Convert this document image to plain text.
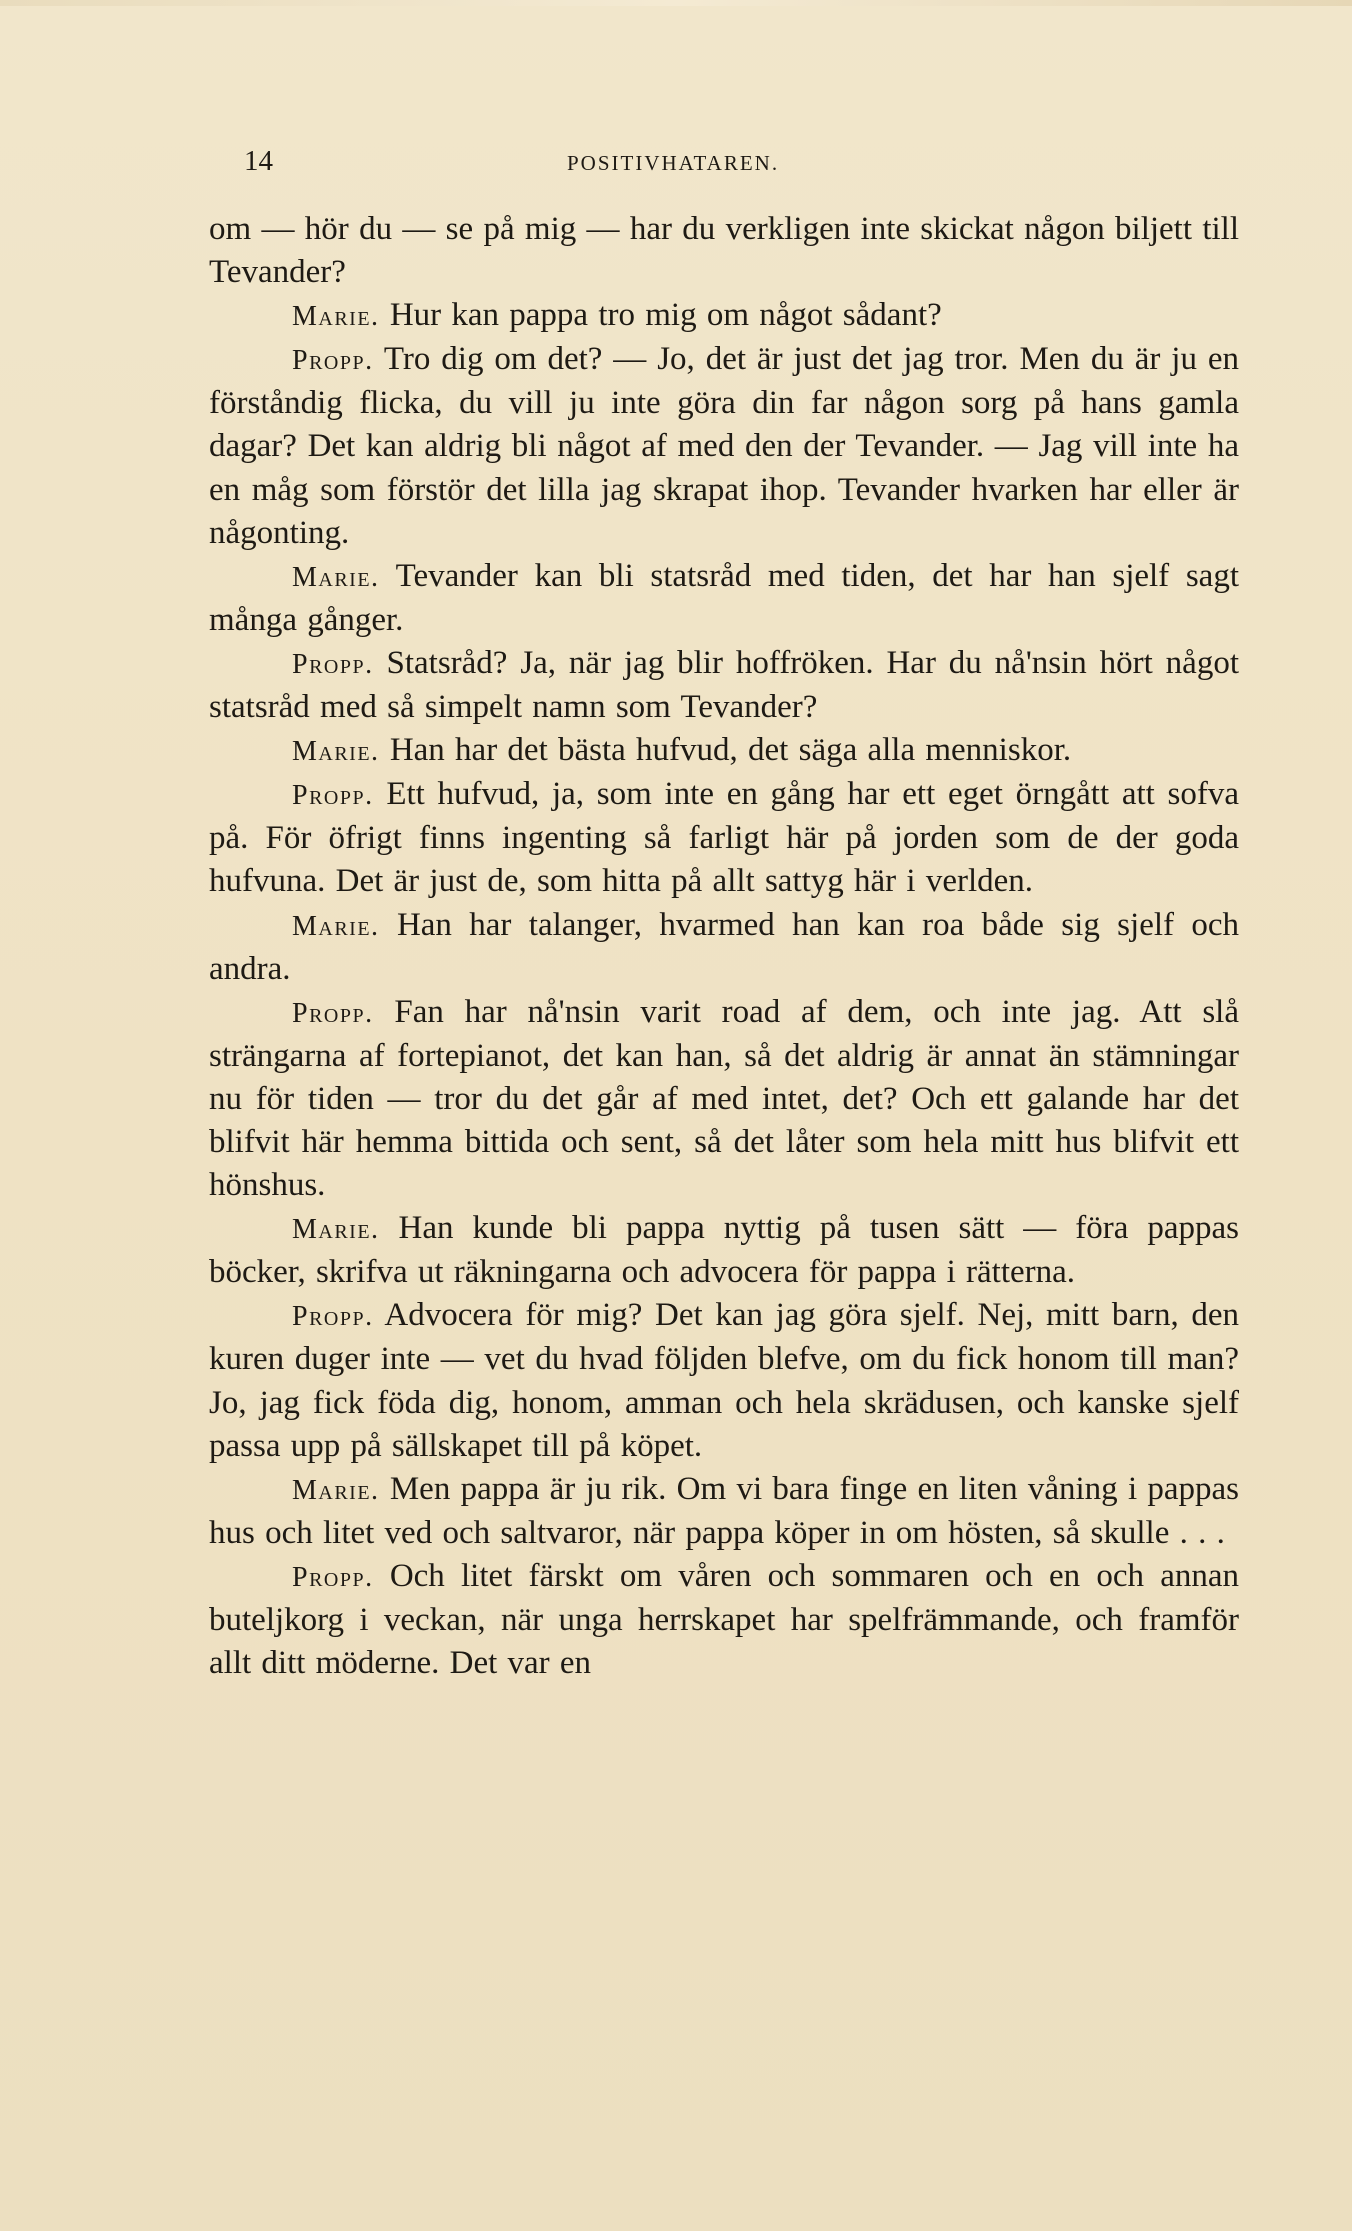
14	POSITIVHATAREN.

om — hör du — se på mig — har du verkligen inte skickat någon biljett till Tevander?

Marie. Hur kan pappa tro mig om något sådant?

Propp. Tro dig om det? — Jo, det är just det jag tror. Men du är ju en förståndig flicka, du vill ju inte göra din far någon sorg på hans gamla dagar? Det kan aldrig bli något af med den der Tevander. — Jag vill inte ha en måg som förstör det lilla jag skrapat ihop. Tevander hvarken har eller är någonting.

Marie. Tevander kan bli statsråd med tiden, det har han sjelf sagt många gånger.

Propp. Statsråd? Ja, när jag blir hoffröken. Har du nå'nsin hört något statsråd med så simpelt namn som Tevander?

Marie. Han har det bästa hufvud, det säga alla menniskor.

Propp. Ett hufvud, ja, som inte en gång har ett eget örngått att sofva på. För öfrigt finns ingenting så farligt här på jorden som de der goda hufvuna. Det är just de, som hitta på allt sattyg här i verlden.

Marie. Han har talanger, hvarmed han kan roa både sig sjelf och andra.

Propp. Fan har nå'nsin varit road af dem, och inte jag. Att slå strängarna af fortepianot, det kan han, så det aldrig är annat än stämningar nu för tiden — tror du det går af med intet, det? Och ett galande har det blifvit här hemma bittida och sent, så det låter som hela mitt hus blifvit ett hönshus.

Marie. Han kunde bli pappa nyttig på tusen sätt — föra pappas böcker, skrifva ut räkningarna och advocera för pappa i rätterna.

Propp. Advocera för mig? Det kan jag göra sjelf. Nej, mitt barn, den kuren duger inte — vet du hvad följden blefve, om du fick honom till man? Jo, jag fick föda dig, honom, amman och hela skrädusen, och kanske sjelf passa upp på sällskapet till på köpet.

Marie. Men pappa är ju rik. Om vi bara finge en liten våning i pappas hus och litet ved och saltvaror, när pappa köper in om hösten, så skulle . . .

Propp. Och litet färskt om våren och sommaren och en och annan buteljkorg i veckan, när unga herrskapet har spelfrämmande, och framför allt ditt möderne. Det var en
